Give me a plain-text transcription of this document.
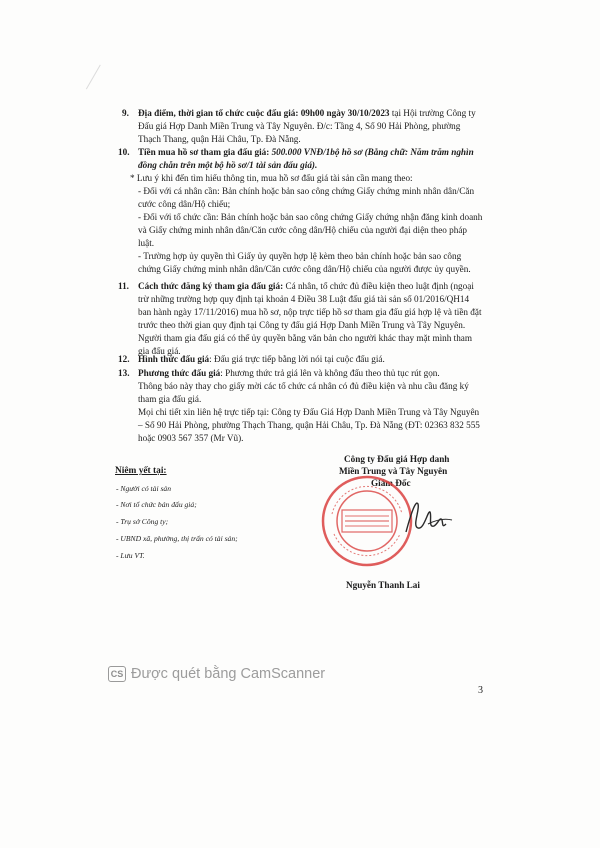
9. Địa điểm, thời gian tổ chức cuộc đấu giá: 09h00 ngày 30/10/2023 tại Hội trường Công ty
Đấu giá Hợp Danh Miền Trung và Tây Nguyên. Đ/c: Tầng 4, Số 90 Hải Phòng, phường
Thạch Thang, quận Hải Châu, Tp. Đà Nẵng.
10. Tiền mua hồ sơ tham gia đấu giá: 500.000 VNĐ/1bộ hồ sơ (Bằng chữ: Năm trăm nghìn
đồng chẵn trên một bộ hồ sơ/1 tài sản đấu giá).
* Lưu ý khi đến tìm hiểu thông tin, mua hồ sơ đấu giá tài sản cần mang theo:
- Đối với cá nhân cần: Bản chính hoặc bản sao công chứng Giấy chứng minh nhân dân/Căn
cước công dân/Hộ chiếu;
- Đối với tổ chức cần: Bản chính hoặc bản sao công chứng Giấy chứng nhận đăng kinh doanh
và Giấy chứng minh nhân dân/Căn cước công dân/Hộ chiếu của người đại diện theo pháp
luật.
- Trường hợp ủy quyền thì Giấy ủy quyền hợp lệ kèm theo bản chính hoặc bản sao công
chứng Giấy chứng minh nhân dân/Căn cước công dân/Hộ chiếu của người được ủy quyền.
11. Cách thức đăng ký tham gia đấu giá: Cá nhân, tổ chức đủ điều kiện theo luật định (ngoại
trừ những trường hợp quy định tại khoản 4 Điều 38 Luật đấu giá tài sản số 01/2016/QH14
ban hành ngày 17/11/2016) mua hồ sơ, nộp trực tiếp hồ sơ tham gia đấu giá hợp lệ và tiền đặt
trước theo thời gian quy định tại Công ty đấu giá Hợp Danh Miền Trung và Tây Nguyên.
Người tham gia đấu giá có thể ủy quyền bằng văn bản cho người khác thay mặt mình tham
gia đấu giá.
12. Hình thức đấu giá: Đấu giá trực tiếp bằng lời nói tại cuộc đấu giá.
13. Phương thức đấu giá: Phương thức trả giá lên và không đấu theo thủ tục rút gọn.
Thông báo này thay cho giấy mời các tổ chức cá nhân có đủ điều kiện và nhu cầu đăng ký
tham gia đấu giá.
Mọi chi tiết xin liên hệ trực tiếp tại: Công ty Đấu Giá Hợp Danh Miền Trung và Tây Nguyên
– Số 90 Hải Phòng, phường Thạch Thang, quận Hải Châu, Tp. Đà Nẵng (ĐT: 02363 832 555
hoặc 0903 567 357 (Mr Vũ).
Niêm yết tại:
- Người có tài sản
- Nơi tổ chức bán đấu giá;
- Trụ sở Công ty;
- UBND xã, phường, thị trấn có tài sản;
- Lưu VT.
Công ty Đấu giá Hợp danh
Miền Trung và Tây Nguyên
Giám Đốc
Nguyễn Thanh Lai
CS Được quét bằng CamScanner
3
